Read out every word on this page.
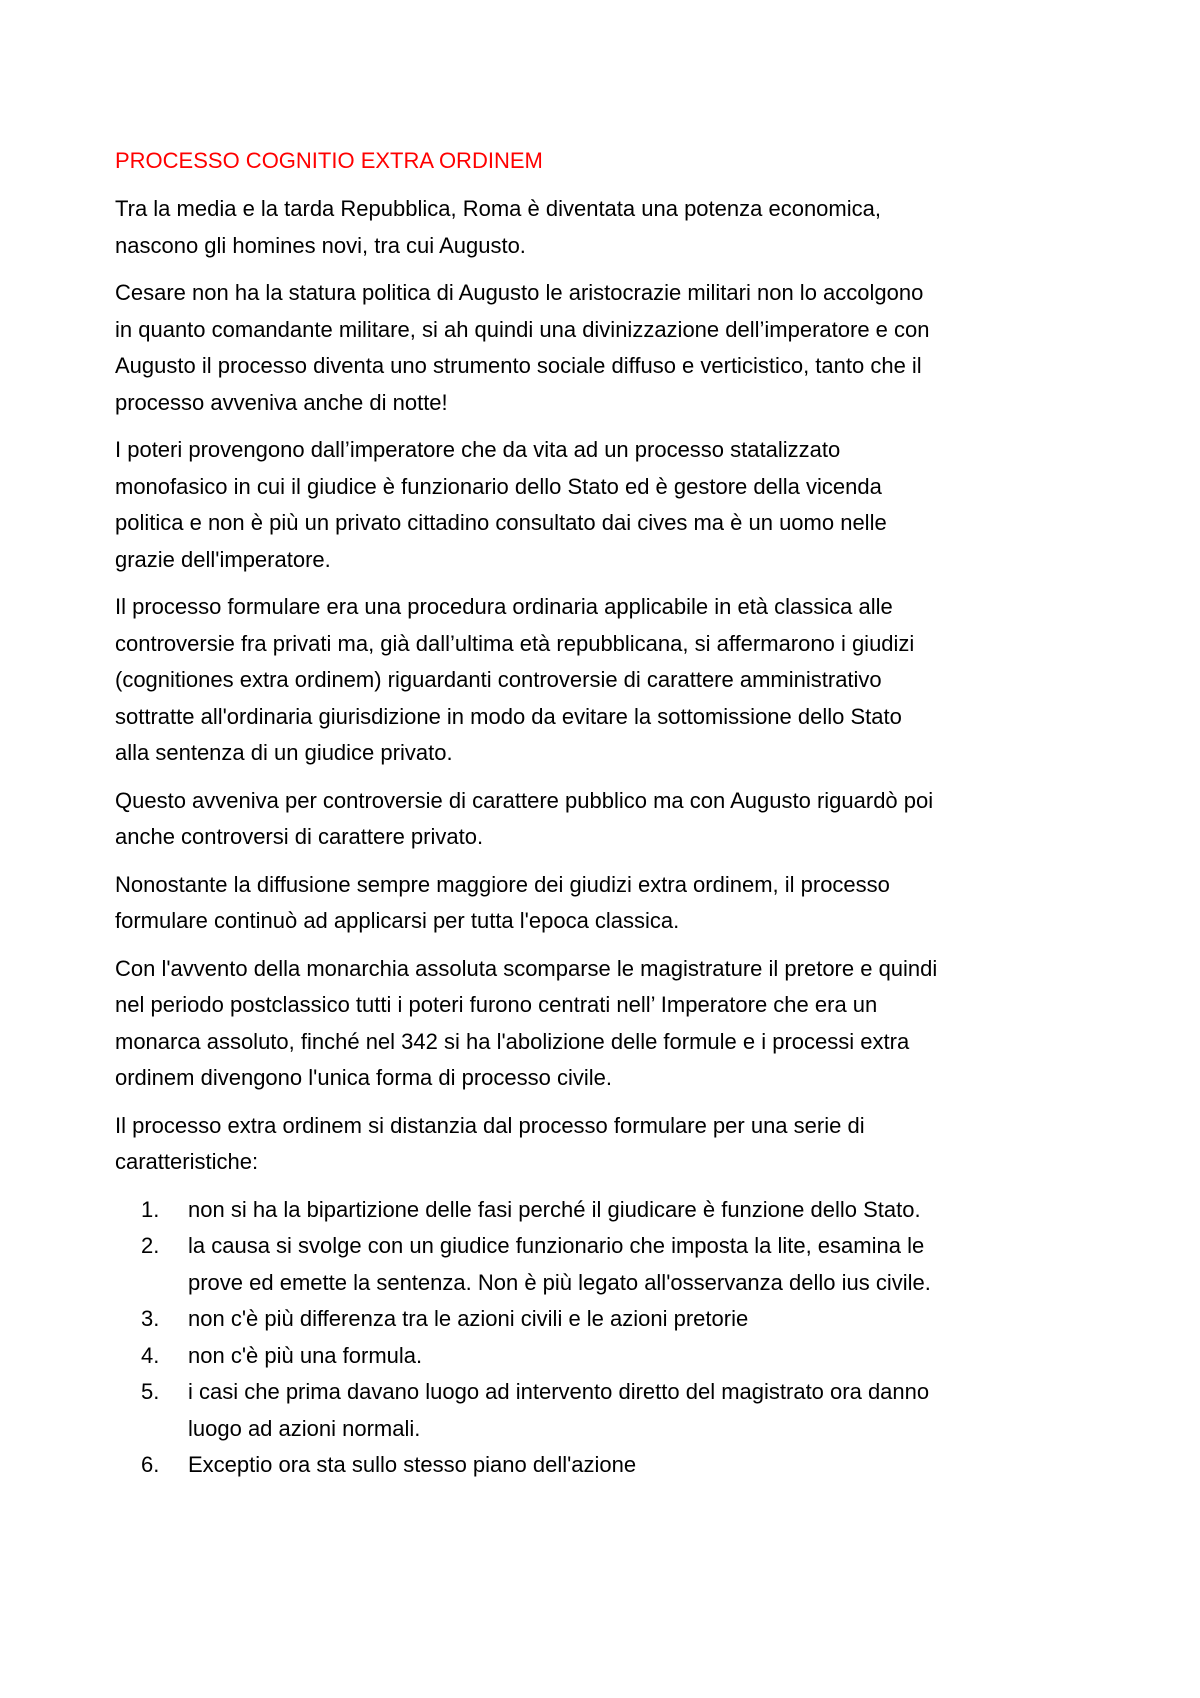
PROCESSO COGNITIO EXTRA ORDINEM
Tra la media e la tarda Repubblica, Roma è diventata una potenza economica,
nascono gli homines novi, tra cui Augusto.
Cesare non ha la statura politica di Augusto le aristocrazie militari non lo accolgono
in quanto comandante militare, si ah quindi una divinizzazione dell’imperatore e con
Augusto il processo diventa uno strumento sociale diffuso e verticistico, tanto che il
processo avveniva anche di notte!
I poteri provengono dall’imperatore che da vita ad un processo statalizzato
monofasico in cui il giudice è funzionario dello Stato ed è gestore della vicenda
politica e non è più un privato cittadino consultato dai cives ma è un uomo nelle
grazie dell'imperatore.
Il processo formulare era una procedura ordinaria applicabile in età classica alle
controversie fra privati ma, già dall’ultima età repubblicana, si affermarono i giudizi
(cognitiones extra ordinem) riguardanti controversie di carattere amministrativo
sottratte all'ordinaria giurisdizione in modo da evitare la sottomissione dello Stato
alla sentenza di un giudice privato.
Questo avveniva per controversie di carattere pubblico ma con Augusto riguardò poi
anche controversi di carattere privato.
Nonostante la diffusione sempre maggiore dei giudizi extra ordinem, il processo
formulare continuò ad applicarsi per tutta l'epoca classica.
Con l'avvento della monarchia assoluta scomparse le magistrature il pretore e quindi
nel periodo postclassico tutti i poteri furono centrati nell’ Imperatore che era un
monarca assoluto, finché nel 342 si ha l'abolizione delle formule e i processi extra
ordinem divengono l'unica forma di processo civile.
Il processo extra ordinem si distanzia dal processo formulare per una serie di
caratteristiche:
1. non si ha la bipartizione delle fasi perché il giudicare è funzione dello Stato.
2. la causa si svolge con un giudice funzionario che imposta la lite, esamina le
prove ed emette la sentenza. Non è più legato all'osservanza dello ius civile.
3. non c'è più differenza tra le azioni civili e le azioni pretorie
4. non c'è più una formula.
5. i casi che prima davano luogo ad intervento diretto del magistrato ora danno
luogo ad azioni normali.
6. Exceptio ora sta sullo stesso piano dell'azione
